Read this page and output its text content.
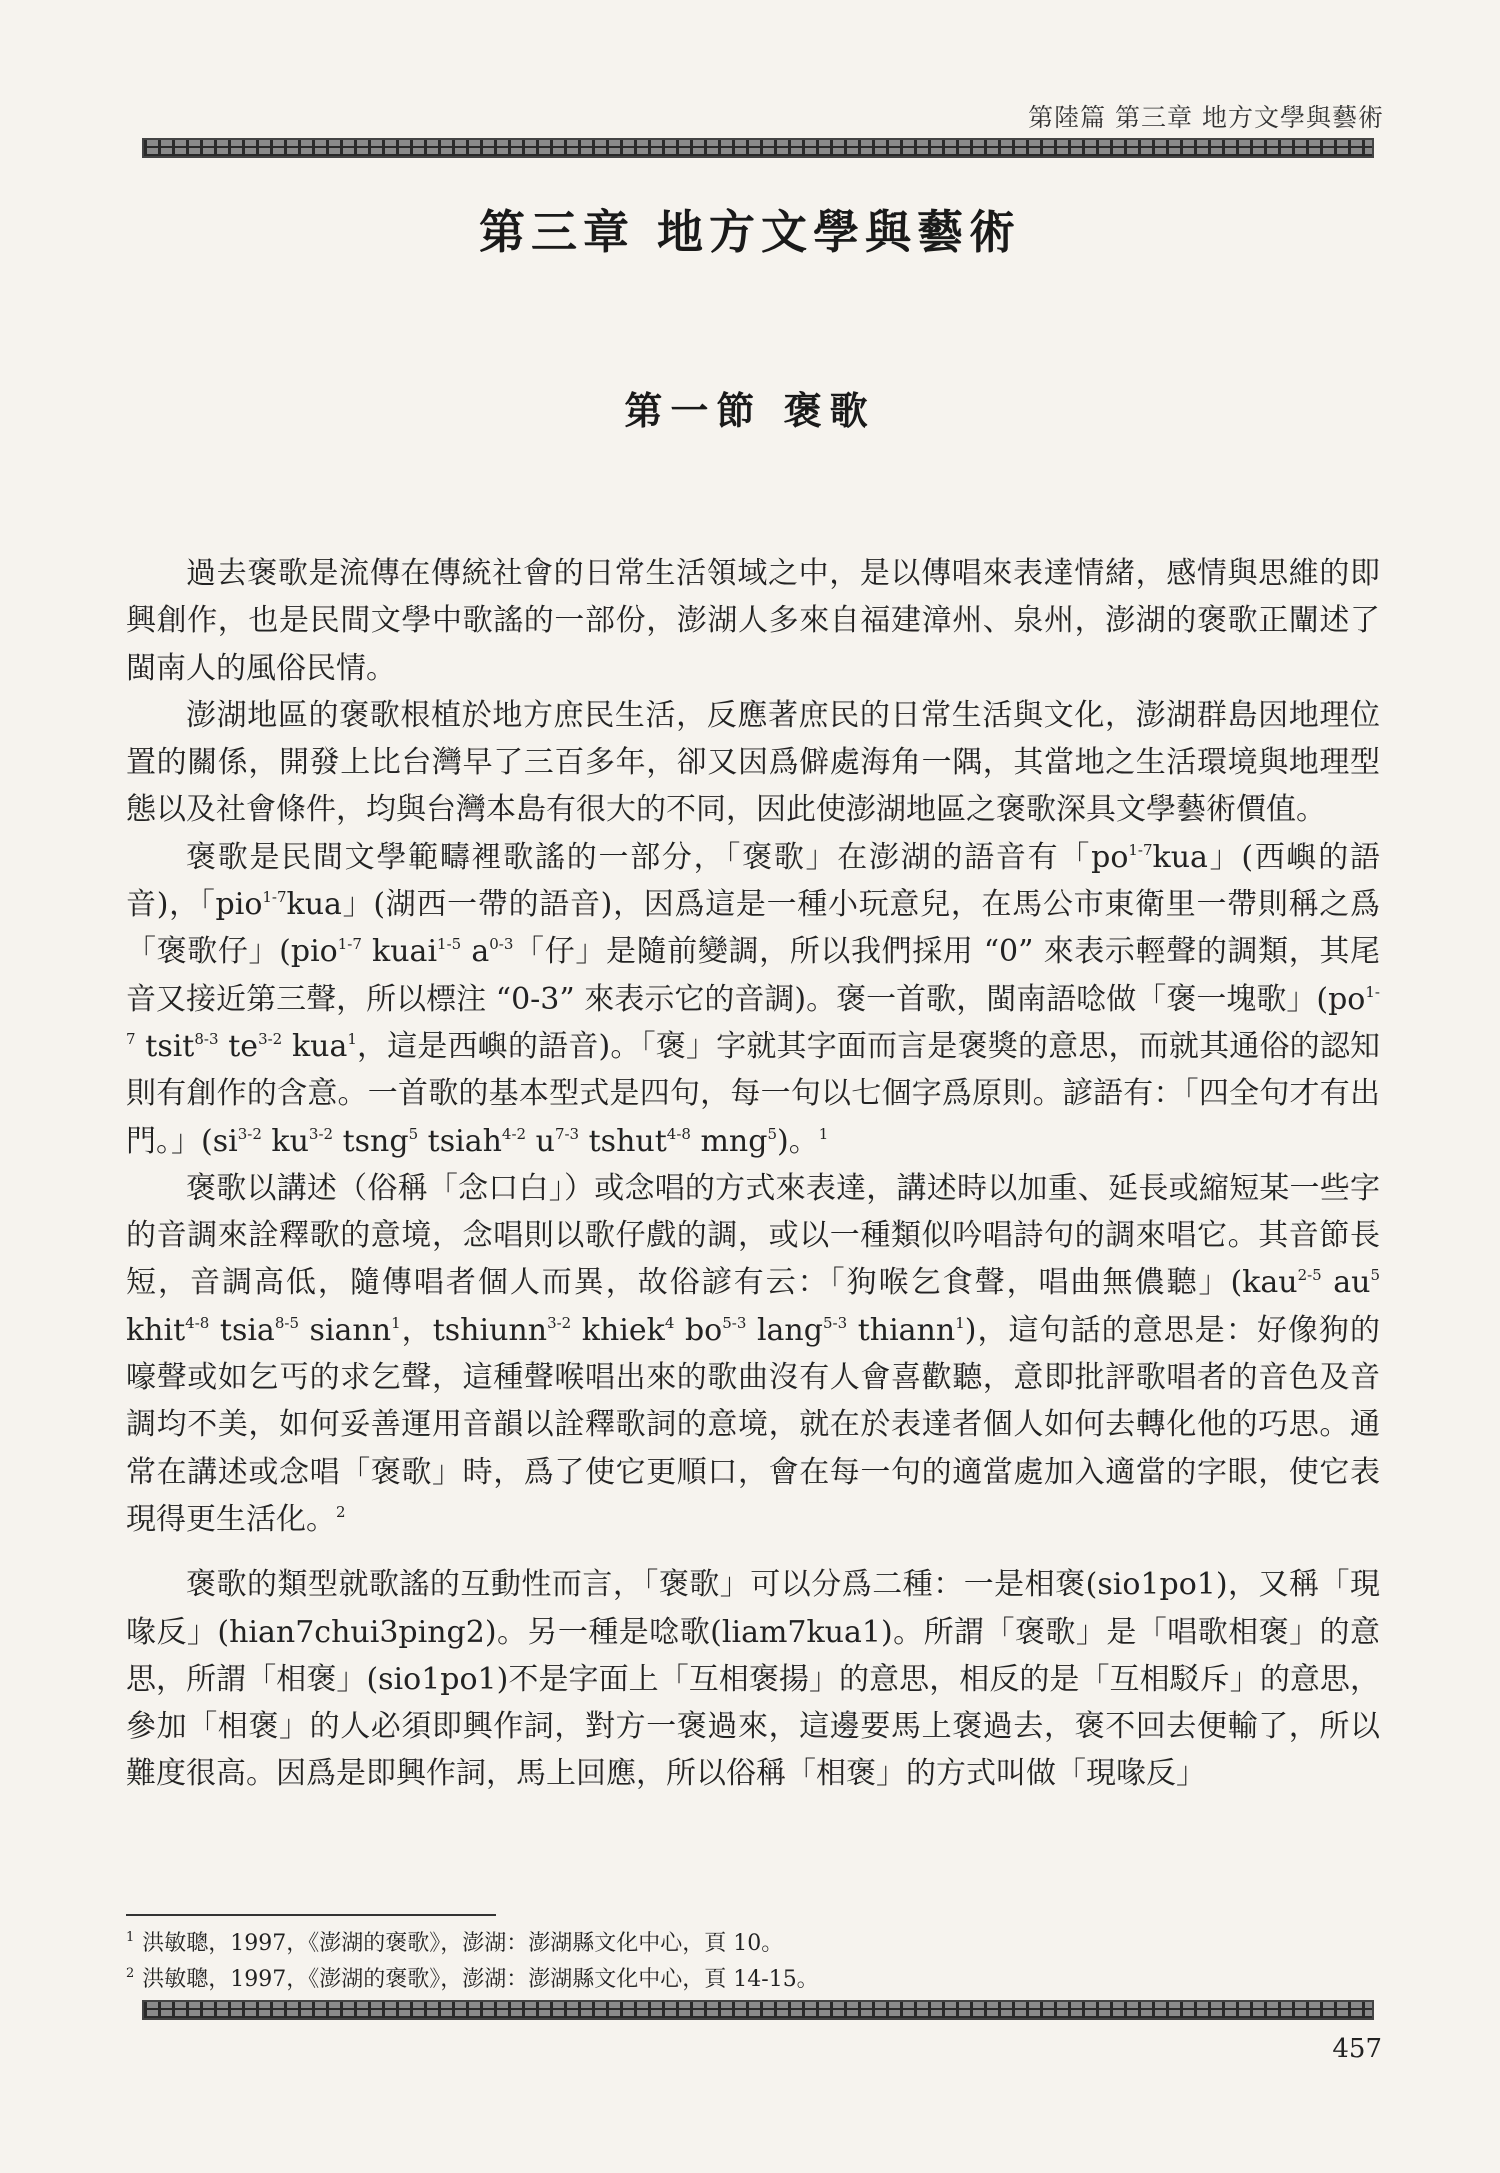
第陸篇 第三章 地方文學與藝術
第三章 地方文學與藝術
第一節 褒歌

過去褒歌是流傳在傳統社會的日常生活領域之中，是以傳唱來表達情緒，感情與思維的即興創作，也是民間文學中歌謠的一部份，澎湖人多來自福建漳州、泉州，澎湖的褒歌正闡述了閩南人的風俗民情。

澎湖地區的褒歌根植於地方庶民生活，反應著庶民的日常生活與文化，澎湖群島因地理位置的關係，開發上比台灣早了三百多年，卻又因爲僻處海角一隅，其當地之生活環境與地理型態以及社會條件，均與台灣本島有很大的不同，因此使澎湖地區之褒歌深具文學藝術價值。

褒歌是民間文學範疇裡歌謠的一部分，「褒歌」在澎湖的語音有「$po^{1-7}kua$」(西嶼的語音)，「pio$^{1-7}$kua」(湖西一帶的語音)，因爲這是一種小玩意兒，在馬公市東衛里一帶則稱之爲「褒歌仔」(pio$^{1-7}$ kuai$^{1-5}$ $a^{0-3}$「仔」是隨前變調，所以我們採用 “0” 來表示輕聲的調類，其尾音又接近第三聲，所以標注 “0-3” 來表示它的音調)。褒一首歌，閩南語唸做「褒一塊歌」($po^{1-7}$ tsit$^{8-3}$ $te^{3-2}$ kua$^1$，這是西嶼的語音)。「褒」字就其字面而言是褒獎的意思，而就其通俗的認知則有創作的含意。一首歌的基本型式是四句，每一句以七個字爲原則。諺語有：「四全句才有出門。」($si^{3-2}$ $ku^{3-2}$ tsng$^5$ tsiah$^{4-2}$ $u^{7-3}$ tshut$^{4-8}$ mng$^5$)。$^1$

褒歌以講述（俗稱「念口白」）或念唱的方式來表達，講述時以加重、延長或縮短某一些字的音調來詮釋歌的意境，念唱則以歌仔戲的調，或以一種類似吟唱詩句的調來唱它。其音節長短，音調高低，隨傳唱者個人而異，故俗諺有云：「狗喉乞食聲，唱曲無儂聽」(kau$^{2-5}$ $au^5$ khit$^{4-8}$ tsia$^{8-5}$ siann$^1$，tshiunn$^{3-2}$ khiek$^4$ $bo^{5-3}$ lang$^{5-3}$ thiann$^1$)，這句話的意思是：好像狗的嚎聲或如乞丐的求乞聲，這種聲喉唱出來的歌曲沒有人會喜歡聽，意即批評歌唱者的音色及音調均不美，如何妥善運用音韻以詮釋歌詞的意境，就在於表達者個人如何去轉化他的巧思。通常在講述或念唱「褒歌」時，爲了使它更順口，會在每一句的適當處加入適當的字眼，使它表現得更生活化。$^2$

褒歌的類型就歌謠的互動性而言，「褒歌」可以分爲二種：一是相褒(sio1po1)，又稱「現喙反」(hian7chui3ping2)。另一種是唸歌(liam7kua1)。所謂「褒歌」是「唱歌相褒」的意思，所謂「相褒」(sio1po1)不是字面上「互相褒揚」的意思，相反的是「互相駁斥」的意思，參加「相褒」的人必須即興作詞，對方一褒過來，這邊要馬上褒過去，褒不回去便輸了，所以難度很高。因爲是即興作詞，馬上回應，所以俗稱「相褒」的方式叫做「現喙反」

$^1$ 洪敏聰，1997，《澎湖的褒歌》，澎湖：澎湖縣文化中心，頁 10。
$^2$ 洪敏聰，1997，《澎湖的褒歌》，澎湖：澎湖縣文化中心，頁 14-15。
457
